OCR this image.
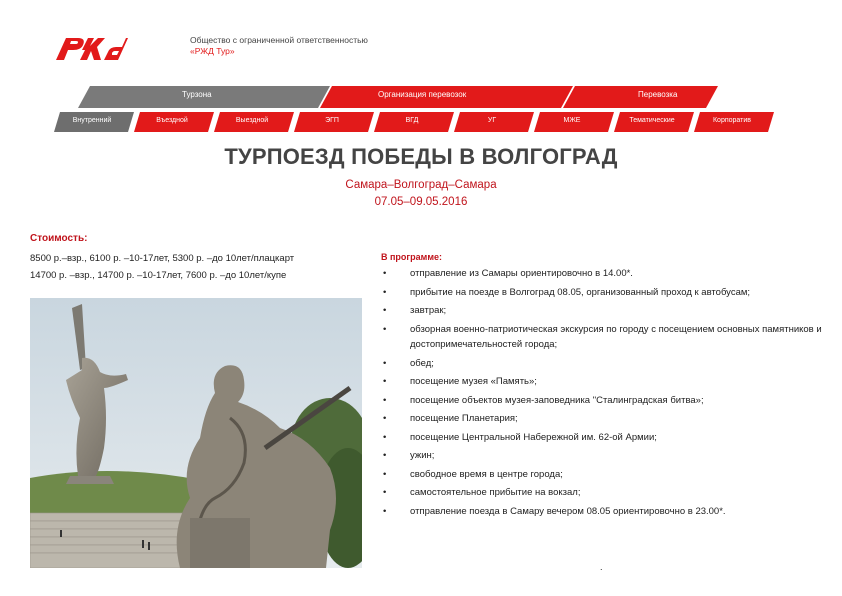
Общество с ограниченной ответственностью
«РЖД Тур»
Турзона	Организация перевозок	Перевозка
Внутренний	Въездной	Выездной	ЭГП	ВГД	УГ	МЖЕ	Тематические	Корпоратив
ТУРПОЕЗД ПОБЕДЫ В ВОЛГОГРАД
Самара–Волгоград–Самара
07.05–09.05.2016
Стоимость:
8500 р.–взр., 6100 р. –10-17лет, 5300 р. –до 10лет/плацкарт
14700 р. –взр., 14700 р. –10-17лет, 7600 р. –до 10лет/купе
В программе:
• отправление из Самары ориентировочно в 14.00*.
• прибытие на поезде в Волгоград 08.05, организованный проход к автобусам;
• завтрак;
• обзорная военно-патриотическая экскурсия по городу с посещением основных памятников и достопримечательностей города;
• обед;
• посещение музея «Память»;
• посещение объектов музея-заповедника "Сталинградская битва»;
• посещение Планетария;
• посещение Центральной Набережной им. 62-ой Армии;
• ужин;
• свободное время в центре города;
• самостоятельное прибытие на вокзал;
• отправление поезда в Самару вечером 08.05 ориентировочно в 23.00*.
.
